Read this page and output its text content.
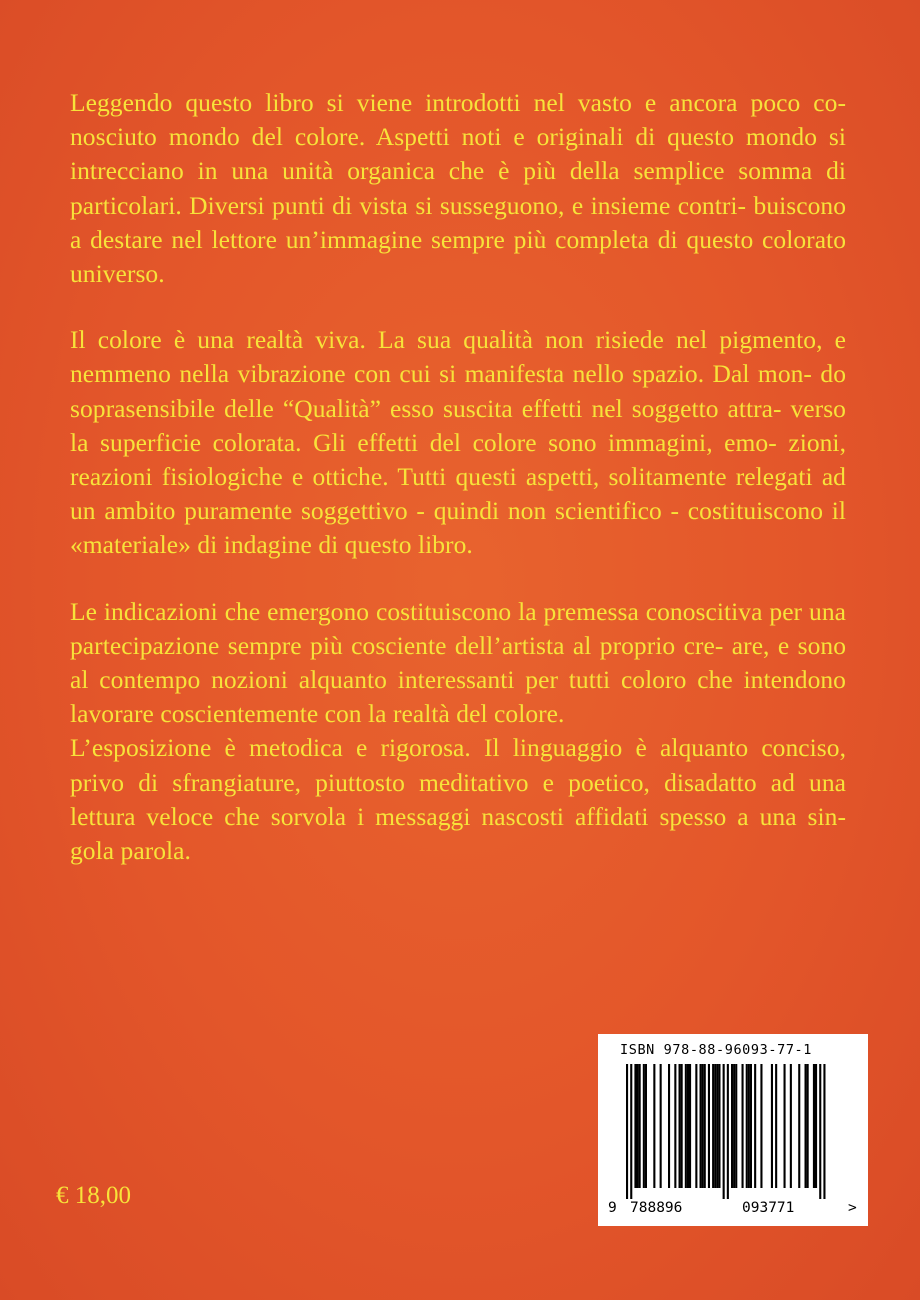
Leggendo questo libro si viene introdotti nel vasto e ancora poco co- nosciuto mondo del colore. Aspetti noti e originali di questo mondo si intrecciano in una unità organica che è più della semplice somma di particolari. Diversi punti di vista si susseguono, e insieme contri- buiscono a destare nel lettore un’immagine sempre più completa di questo colorato universo.

Il colore è una realtà viva. La sua qualità non risiede nel pigmento, e nemmeno nella vibrazione con cui si manifesta nello spazio. Dal mon- do soprasensibile delle “Qualità” esso suscita effetti nel soggetto attra- verso la superficie colorata. Gli effetti del colore sono immagini, emo- zioni, reazioni fisiologiche e ottiche. Tutti questi aspetti, solitamente relegati ad un ambito puramente soggettivo - quindi non scientifico - costituiscono il «materiale» di indagine di questo libro.

Le indicazioni che emergono costituiscono la premessa conoscitiva per una partecipazione sempre più cosciente dell’artista al proprio cre- are, e sono al contempo nozioni alquanto interessanti per tutti coloro che intendono lavorare coscientemente con la realtà del colore.

L’esposizione è metodica e rigorosa. Il linguaggio è alquanto conciso, privo di sfrangiature, piuttosto meditativo e poetico, disadatto ad una lettura veloce che sorvola i messaggi nascosti affidati spesso a una sin- gola parola.

€ 18,00
ISBN 978-88-96093-77-1
9 788896	093771	>
